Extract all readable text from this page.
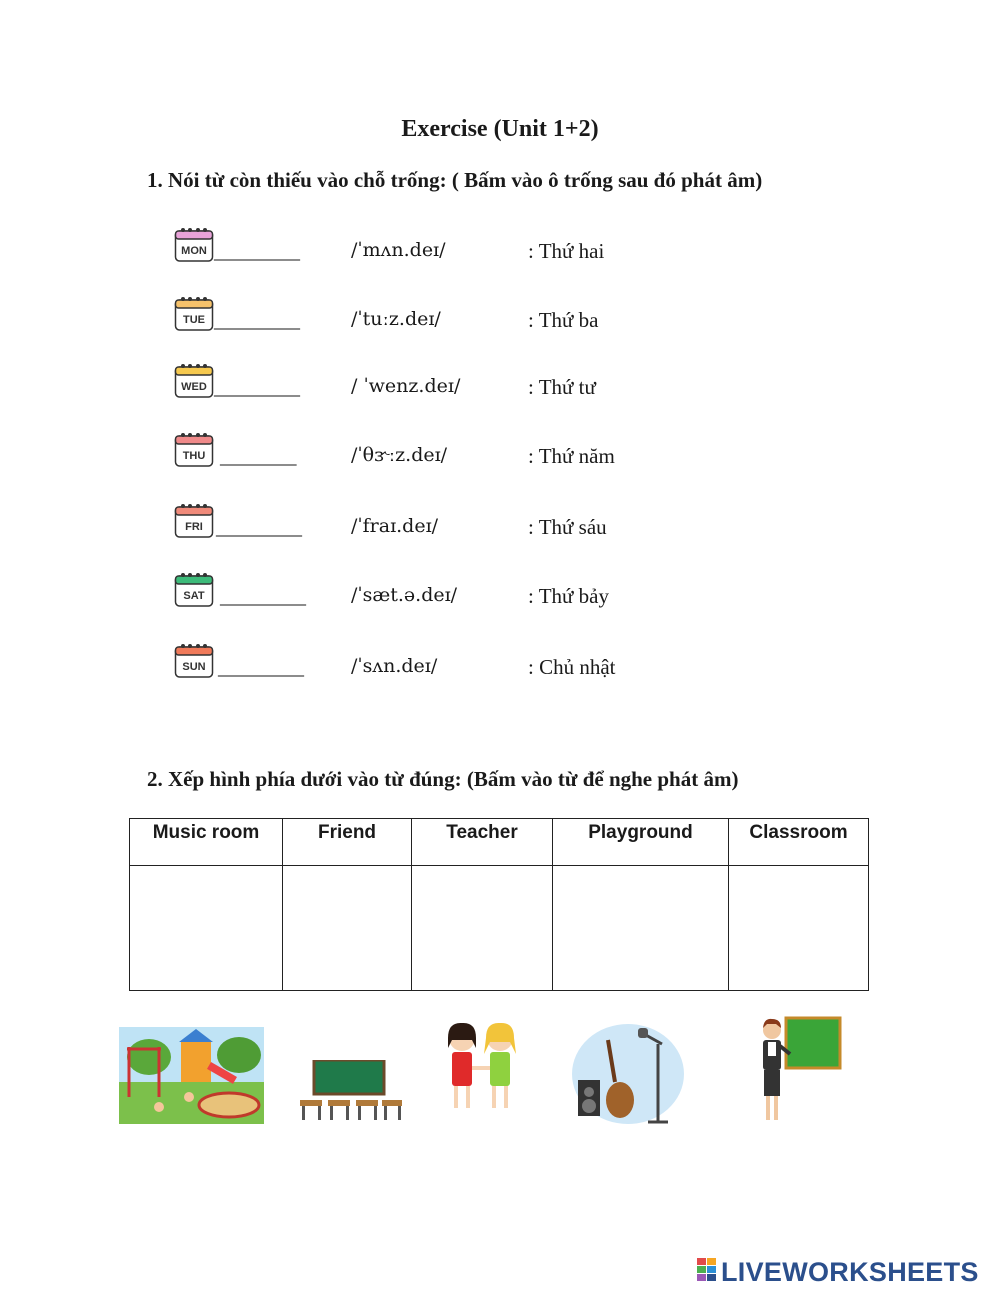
Exercise (Unit 1+2)
1. Nói từ còn thiếu vào chỗ trống: ( Bấm vào ô trống sau đó phát âm)
MON _________	/ˈmʌn.deɪ/	: Thứ hai
TUE _________	/ˈtuːz.deɪ/	: Thứ ba
WED _________	/ ˈwenz.deɪ/	: Thứ tư
THU ________	/ˈθɝːz.deɪ/	: Thứ năm
FRI _________	/ˈfraɪ.deɪ/	: Thứ sáu
SAT _________ /ˈsæt.ə.deɪ/	: Thứ bảy
SUN _________	/ˈsʌn.deɪ/	: Chủ nhật
2. Xếp hình phía dưới vào từ đúng: (Bấm vào từ để nghe phát âm)
Music room	Friend	Teacher	Playground	Classroom

LIVEWORKSHEETS
